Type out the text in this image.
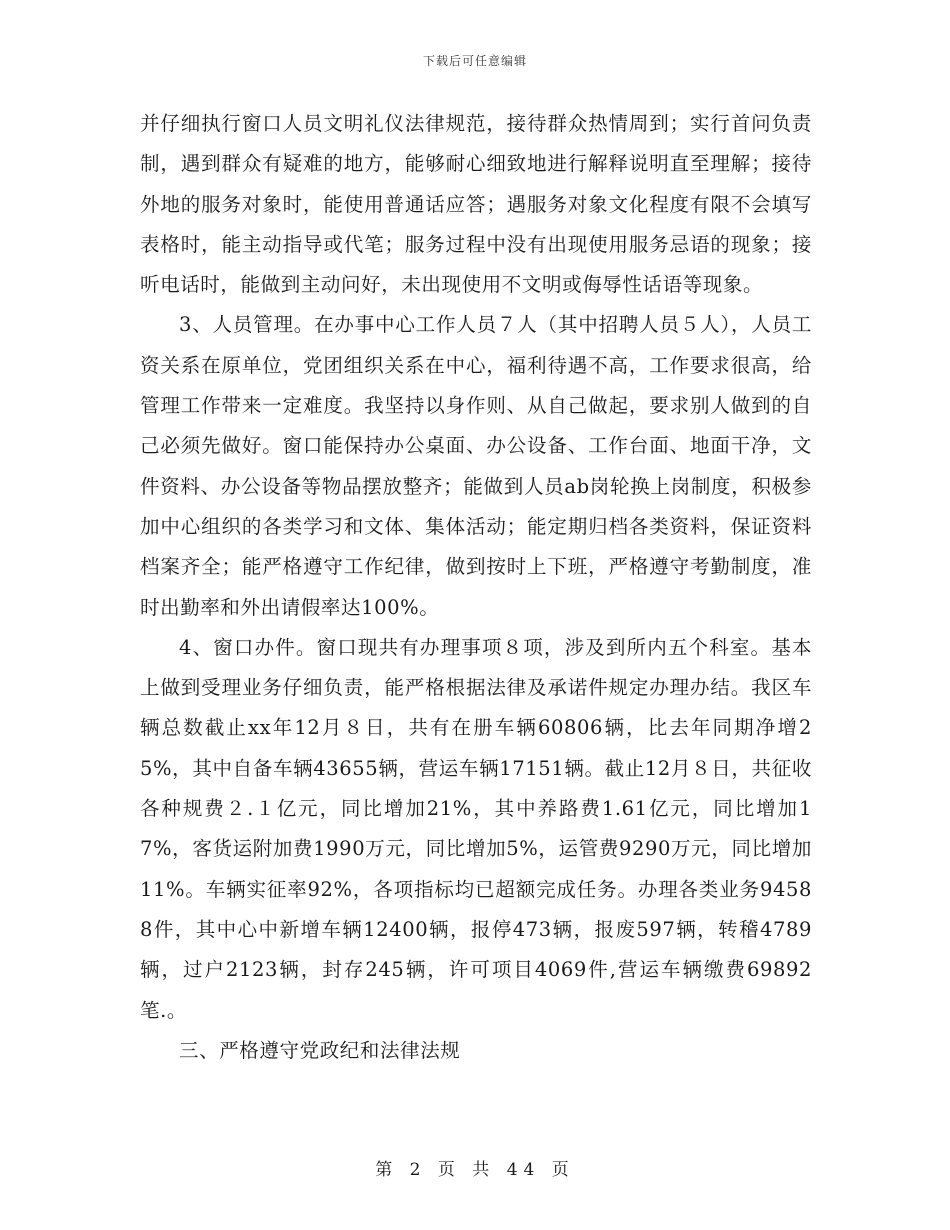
下载后可任意编辑

并仔细执行窗口人员文明礼仪法律规范，接待群众热情周到；实行首问负责制，遇到群众有疑难的地方，能够耐心细致地进行解释说明直至理解；接待外地的服务对象时，能使用普通话应答；遇服务对象文化程度有限不会填写表格时，能主动指导或代笔；服务过程中没有出现使用服务忌语的现象；接听电话时，能做到主动问好，未出现使用不文明或侮辱性话语等现象。

3、人员管理。在办事中心工作人员７人（其中招聘人员５人），人员工资关系在原单位，党团组织关系在中心，福利待遇不高，工作要求很高，给管理工作带来一定难度。我坚持以身作则、从自己做起，要求别人做到的自己必须先做好。窗口能保持办公桌面、办公设备、工作台面、地面干净，文件资料、办公设备等物品摆放整齐；能做到人员ab岗轮换上岗制度，积极参加中心组织的各类学习和文体、集体活动；能定期归档各类资料，保证资料档案齐全；能严格遵守工作纪律，做到按时上下班，严格遵守考勤制度，准时出勤率和外出请假率达100%。

4、窗口办件。窗口现共有办理事项８项，涉及到所内五个科室。基本上做到受理业务仔细负责，能严格根据法律及承诺件规定办理办结。我区车辆总数截止xx年12月８日，共有在册车辆60806辆，比去年同期净增25%，其中自备车辆43655辆，营运车辆17151辆。截止12月８日，共征收各种规费２.１亿元，同比增加21%，其中养路费1.61亿元，同比增加17%，客货运附加费1990万元，同比增加5%，运管费9290万元，同比增加11%。车辆实征率92%，各项指标均已超额完成任务。办理各类业务94588件，其中心中新增车辆12400辆，报停473辆，报废597辆，转稽4789辆，过户2123辆，封存245辆，许可项目4069件,营运车辆缴费69892笔.。

三、严格遵守党政纪和法律法规

第 2 页 共 44 页
